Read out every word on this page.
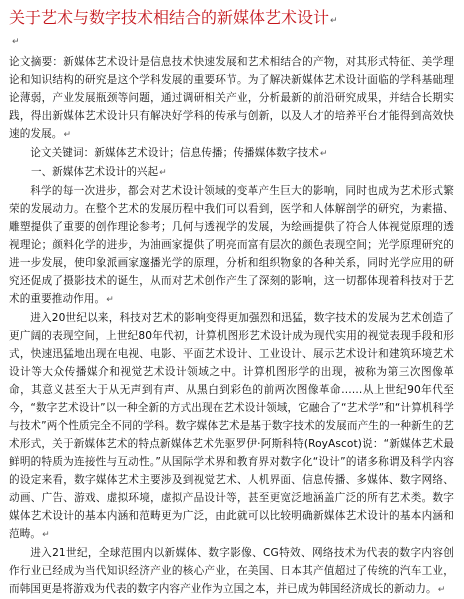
关于艺术与数字技术相结合的新媒体艺术设计↵
↵

论文摘要：新媒体艺术设计是信息技术快速发展和艺术相结合的产物，对其形式特征、美学理论和知识结构的研究是这个学科发展的重要环节。为了解决新媒体艺术设计面临的学科基础理论薄弱，产业发展瓶颈等问题，通过调研相关产业，分析最新的前沿研究成果，并结合长期实践，得出新媒体艺术设计只有解决好学科的传承与创新，以及人才的培养平台才能得到高效快速的发展。↵

论文关键词：新媒体艺术设计；信息传播；传播媒体数字技术↵

一、新媒体艺术设计的兴起↵

科学的每一次进步，都会对艺术设计领域的变革产生巨大的影响，同时也成为艺术形式繁荣的发展动力。在整个艺术的发展历程中我们可以看到，医学和人体解剖学的研究，为素描、雕塑提供了重要的创作理论参考；几何与透视学的发展，为绘画提供了符合人体视觉原理的透视理论；颜料化学的进步，为油画家提供了明亮而富有层次的颜色表现空间；光学原理研究的进一步发展，使印象派画家邃播光学的原理，分析和组织物象的各种关系，同时光学应用的研究还促成了摄影技术的诞生，从而对艺术创作产生了深刻的影响，这一切都体现着科技对于艺术的重要推动作用。↵

进入20世纪以来，科技对艺术的影响变得更加强烈和迅猛，数字技术的发展为艺术创造了更广阔的表现空间，上世纪80年代初，计算机图形艺术设计成为现代实用的视觉表现手段和形式，快速迅猛地出现在电视、电影、平面艺术设计、工业设计、展示艺术设计和建筑环境艺术设计等大众传播媒介和视觉艺术设计领域之中。计算机图形学的出现，被称为第三次图像革命，其意义甚至大于从无声到有声、从黑白到彩色的前两次图像革命……从上世纪90年代至今，“数字艺术设计”以一种全新的方式出现在艺术设计领域，它融合了“艺术学”和“计算机科学与技术”两个性质完全不同的学科。数字媒体艺术是基于数字技术的发展而产生的一种新生的艺术形式，关于新媒体艺术的特点新媒体艺术先驱罗伊·阿斯科特(RoyAscot)说：“新媒体艺术最鲜明的特质为连接性与互动性。”从国际学术界和教育界对数字化“设计”的诸多称谓及科学内容的设定来看，数字媒体艺术主要涉及到视觉艺术、人机界面、信息传播、多媒体、数字网络、动画、广告、游戏、虚拟环境，虚拟产品设计等，甚至更宽泛地涵盖广泛的所有艺术类。数字媒体艺术设计的基本内涵和范畴更为广泛，由此就可以比较明确新媒体艺术设计的基本内涵和范畴。↵

进入21世纪，全球范围内以新媒体、数字影像、CG特效、网络技术为代表的数字内容创作行业已经成为当代知识经济产业的核心产业，在美国、日本其产值超过了传统的汽车工业，而韩国更是将游戏为代表的数字内容产业作为立国之本，并已成为韩国经济成长的新动力。↵
